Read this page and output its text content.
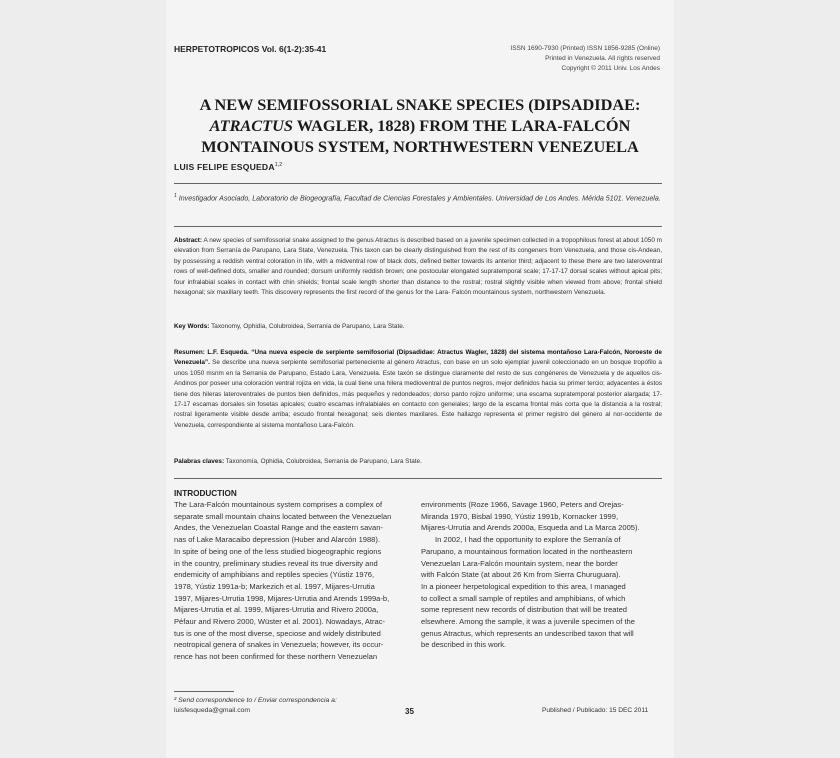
HERPETOTROPICOS Vol. 6(1-2):35-41	ISSN 1690-7930 (Printed) ISSN 1856-9285 (Online)
Printed in Venezuela. All rights reserved
Copyright © 2011 Univ. Los Andes
A NEW SEMIFOSSORIAL SNAKE SPECIES (DIPSADIDAE:
ATRACTUS WAGLER, 1828) FROM THE LARA-FALCÓN
MONTAINOUS SYSTEM, NORTHWESTERN VENEZUELA
LUIS FELIPE ESQUEDA$^{1,2}$
$^1$ Investigador Asociado, Laboratorio de Biogeografía, Facultad de Ciencias Forestales y Ambientales. Universidad de Los Andes. Mérida 5101. Venezuela.
Abstract: A new species of semifossorial snake assigned to the genus Atractus is described based on a juvenile specimen collected in a tropophilous forest at about 1050 m elevation from Serranía de Parupano, Lara State, Venezuela. This taxon can be clearly distinguished from the rest of its congeners from Venezuela, and those cis-Andean, by possessing a reddish ventral coloration in life, with a midventral row of black dots, defined better towards its anterior third; adjacent to these there are two lateroventral rows of well-defined dots, smaller and rounded; dorsum uniformly reddish brown; one postocular elongated supratemporal scale; 17-17-17 dorsal scales without apical pits; four infralabial scales in contact with chin shields; frontal scale length shorter than distance to the rostral; rostral slightly visible when viewed from above; frontal shield hexagonal; six maxillary teeth. This discovery represents the first record of the genus for the Lara- Falcón mountainous system, northwestern Venezuela.
Key Words: Taxonomy, Ophidia, Colubroidea, Serranía de Parupano, Lara State.
Resumen: L.F. Esqueda. “Una nueva especie de serpiente semifosorial (Dipsadidae: Atractus Wagler, 1828) del sistema montañoso Lara-Falcón, Noroeste de Venezuela”. Se describe una nueva serpiente semifosorial perteneciente al género Atractus, con base en un solo ejemplar juvenil coleccionado en un bosque tropófilo a unos 1050 msnm en la Serranía de Parupano, Estado Lara, Venezuela. Este taxón se distingue claramente del resto de sus congéneres de Venezuela y de aquellos cis-Andinos por poseer una coloración ventral rojiza en vida, la cual tiene una hilera medioventral de puntos negros, mejor definidos hacia su primer tercio; adyacentes a éstos tiene dos hileras lateroventrales de puntos bien definidos, más pequeños y redondeados; dorso pardo rojizo uniforme; una escama supratemporal posterior alargada; 17-17-17 escamas dorsales sin fosetas apicales; cuatro escamas infralabiales en contacto con geneiales; largo de la escama frontal más corta que la distancia a la rostral; rostral ligeramente visible desde arriba; escudo frontal hexagonal; seis dientes maxilares. Este hallazgo representa el primer registro del género al nor-occidente de Venezuela, correspondiente al sistema montañoso Lara-Falcón.
Palabras claves: Taxonomía, Ophidia, Colubroidea, Serranía de Parupano, Lara State.
INTRODUCTION
The Lara-Falcón mountainous system comprises a complex of
separate small mountain chains located between the Venezuelan
Andes, the Venezuelan Coastal Range and the eastern savan-
nas of Lake Maracaibo depression (Huber and Alarcón 1988).
In spite of being one of the less studied biogeographic regions
in the country, preliminary studies reveal its true diversity and
endemicity of amphibians and reptiles species (Yústiz 1976,
1978, Yústiz 1991a-b; Markezich et al. 1997, Mijares-Urrutia
1997, Mijares-Urrutia 1998, Mijares-Urrutia and Arends 1999a-b,
Mijares-Urrutia et al. 1999, Mijares-Urrutia and Rivero 2000a,
Péfaur and Rivero 2000, Wüster et al. 2001). Nowadays, Atrac-
tus is one of the most diverse, speciose and widely distributed
neotropical genera of snakes in Venezuela; however, its occur-
rence has not been confirmed for these northern Venezuelan
environments (Roze 1966, Savage 1960, Peters and Orejas-
Miranda 1970, Bisbal 1990, Yústiz 1991b, Kornacker 1999,
Mijares-Urrutia and Arends 2000a, Esqueda and La Marca 2005).
In 2002, I had the opportunity to explore the Serranía of
Parupano, a mountainous formation located in the northeastern
Venezuelan Lara-Falcón mountain system, near the border
with Falcón State (at about 26 Km from Sierra Churuguara).
In a pioneer herpetological expedition to this area, I managed
to collect a small sample of reptiles and amphibians, of which
some represent new records of distribution that will be treated
elsewhere. Among the sample, it was a juvenile specimen of the
genus Atractus, which represents an undescribed taxon that will
be described in this work.
² Send correspondence to / Enviar correspondencia a:
luisfesqueda@gmail.com	35	Published / Publicado: 15 DEC 2011
